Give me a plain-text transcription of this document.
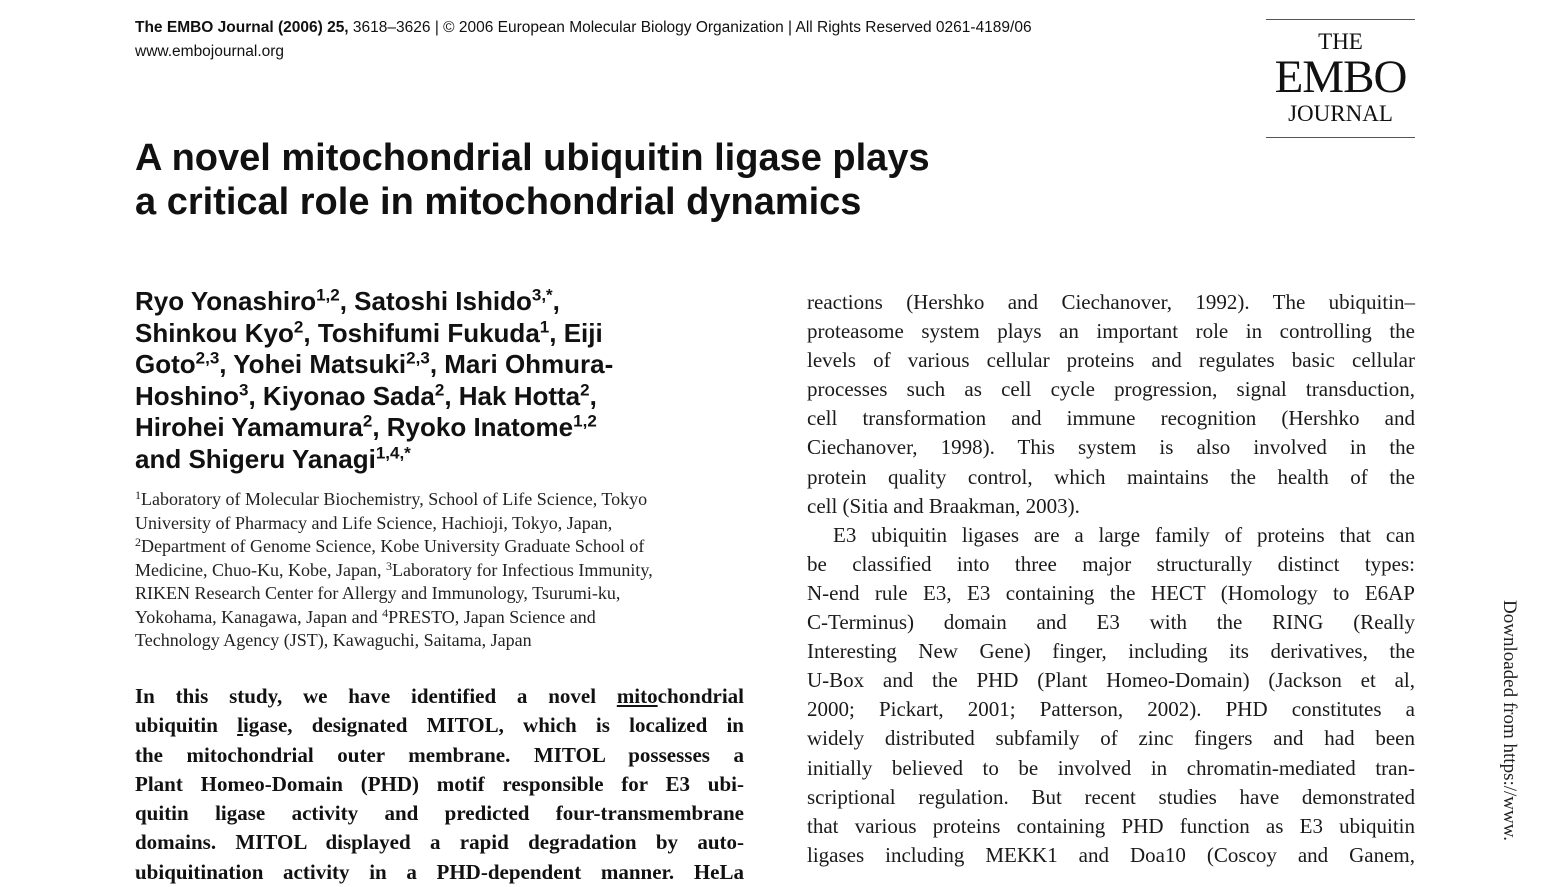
The EMBO Journal (2006) 25, 3618–3626 | © 2006 European Molecular Biology Organization | All Rights Reserved 0261-4189/06
www.embojournal.org	THE
EMBO
JOURNAL
A novel mitochondrial ubiquitin ligase plays
a critical role in mitochondrial dynamics
Ryo Yonashiro$^{1,2}$, Satoshi Ishido$^{3,*}$,
Shinkou Kyo$^2$, Toshifumi Fukuda$^1$, Eiji
Goto$^{2,3}$, Yohei Matsuki$^{2,3}$, Mari Ohmura-
Hoshino$^3$, Kiyonao Sada$^2$, Hak Hotta$^2$,
Hirohei Yamamura$^2$, Ryoko Inatome$^{1,2}$
and Shigeru Yanagi$^{1,4,*}$
$^1$Laboratory of Molecular Biochemistry, School of Life Science, Tokyo
University of Pharmacy and Life Science, Hachioji, Tokyo, Japan,
$^2$Department of Genome Science, Kobe University Graduate School of
Medicine, Chuo-Ku, Kobe, Japan, $^3$Laboratory for Infectious Immunity,
RIKEN Research Center for Allergy and Immunology, Tsurumi-ku,
Yokohama, Kanagawa, Japan and $^4$PRESTO, Japan Science and
Technology Agency (JST), Kawaguchi, Saitama, Japan
In this study, we have identified a novel mitochondrial
ubiquitin ligase, designated MITOL, which is localized in
the mitochondrial outer membrane. MITOL possesses a
Plant Homeo-Domain (PHD) motif responsible for E3 ubi-
quitin ligase activity and predicted four-transmembrane
domains. MITOL displayed a rapid degradation by auto-
ubiquitination activity in a PHD-dependent manner. HeLa
reactions (Hershko and Ciechanover, 1992). The ubiquitin–
proteasome system plays an important role in controlling the
levels of various cellular proteins and regulates basic cellular
processes such as cell cycle progression, signal transduction,
cell transformation and immune recognition (Hershko and
Ciechanover, 1998). This system is also involved in the
protein quality control, which maintains the health of the
cell (Sitia and Braakman, 2003).
E3 ubiquitin ligases are a large family of proteins that can
be classified into three major structurally distinct types:
N-end rule E3, E3 containing the HECT (Homology to E6AP
C-Terminus) domain and E3 with the RING (Really
Interesting New Gene) finger, including its derivatives, the
U-Box and the PHD (Plant Homeo-Domain) (Jackson et al,
2000; Pickart, 2001; Patterson, 2002). PHD constitutes a
widely distributed subfamily of zinc fingers and had been
initially believed to be involved in chromatin-mediated tran-
scriptional regulation. But recent studies have demonstrated
that various proteins containing PHD function as E3 ubiquitin
ligases including MEKK1 and Doa10 (Coscoy and Ganem,
Downloaded from https://www.
